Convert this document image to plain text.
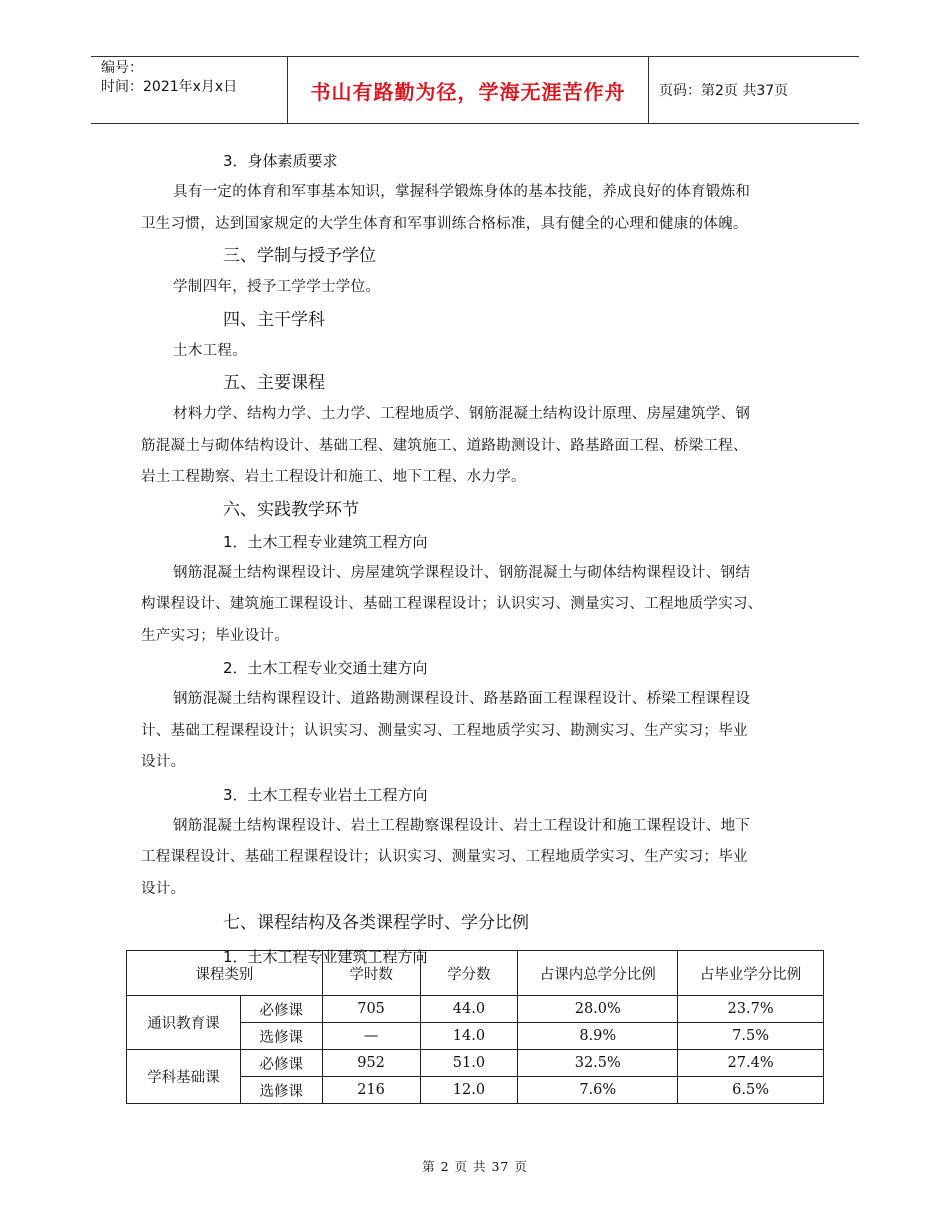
编号：
时间：2021年x月x日	书山有路勤为径，学海无涯苦作舟	页码：第2页 共37页
3．身体素质要求

具有一定的体育和军事基本知识，掌握科学锻炼身体的基本技能，养成良好的体育锻炼和
卫生习惯，达到国家规定的大学生体育和军事训练合格标准，具有健全的心理和健康的体魄。

三、学制与授予学位

学制四年，授予工学学士学位。

四、主干学科

土木工程。

五、主要课程

材料力学、结构力学、土力学、工程地质学、钢筋混凝土结构设计原理、房屋建筑学、钢
筋混凝土与砌体结构设计、基础工程、建筑施工、道路勘测设计、路基路面工程、桥梁工程、
岩土工程勘察、岩土工程设计和施工、地下工程、水力学。

六、实践教学环节
1．土木工程专业建筑工程方向

钢筋混凝土结构课程设计、房屋建筑学课程设计、钢筋混凝土与砌体结构课程设计、钢结
构课程设计、建筑施工课程设计、基础工程课程设计；认识实习、测量实习、工程地质学实习、
生产实习；毕业设计。

2．土木工程专业交通土建方向

钢筋混凝土结构课程设计、道路勘测课程设计、路基路面工程课程设计、桥梁工程课程设
计、基础工程课程设计；认识实习、测量实习、工程地质学实习、勘测实习、生产实习；毕业
设计。

3．土木工程专业岩土工程方向

钢筋混凝土结构课程设计、岩土工程勘察课程设计、岩土工程设计和施工课程设计、地下
工程课程设计、基础工程课程设计；认识实习、测量实习、工程地质学实习、生产实习；毕业
设计。

七、课程结构及各类课程学时、学分比例
1．土木工程专业建筑工程方向
课程类别		学时数	学分数	占课内总学分比例	占毕业学分比例
通识教育课	必修课	705	44.0	28.0%	23.7%
	选修课	—	14.0	8.9%	7.5%
学科基础课	必修课	952	51.0	32.5%	27.4%
	选修课	216	12.0	7.6%	6.5%
第 2 页 共 37 页
